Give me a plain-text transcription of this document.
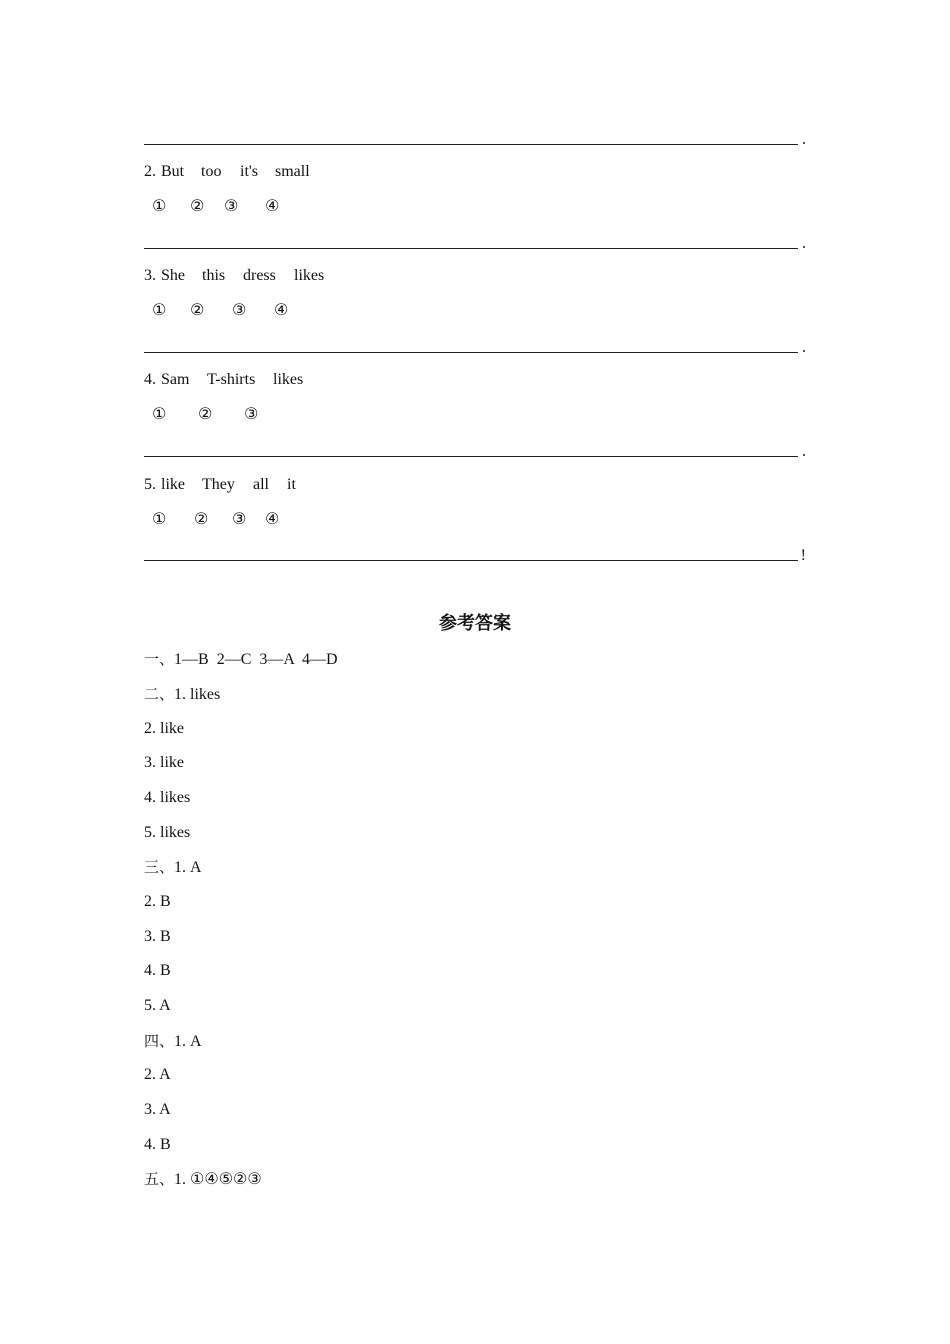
.
2. But too it's small
① ② ③ ④
.
3. She this dress likes
① ② ③ ④
.
4. Sam T-shirts likes
① ② ③
.
5. like They all it
① ② ③ ④
!
参考答案
一、1—B  2—C  3—A  4—D
二、1. likes
2. like
3. like
4. likes
5. likes
三、1. A
2. B
3. B
4. B
5. A
四、1. A
2. A
3. A
4. B
五、1. ①④⑤②③
